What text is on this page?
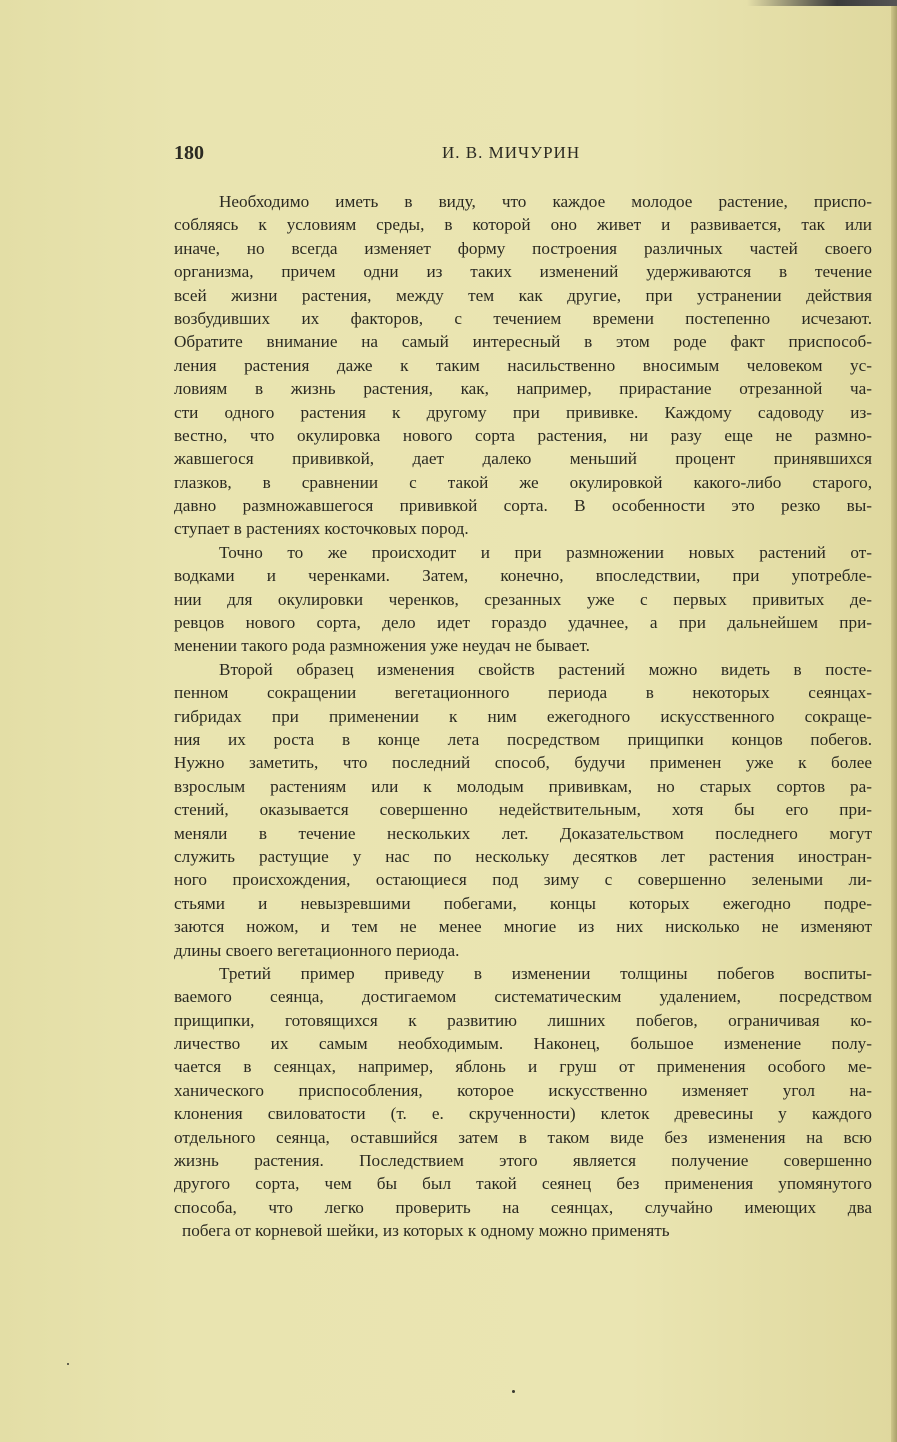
180	И. В. МИЧУРИН
Необходимо иметь в виду, что каждое молодое растение, приспо-
собляясь к условиям среды, в которой оно живет и развивается, так или
иначе, но всегда изменяет форму построения различных частей своего
организма, причем одни из таких изменений удерживаются в течение
всей жизни растения, между тем как другие, при устранении действия
возбудивших их факторов, с течением времени постепенно исчезают.
Обратите внимание на самый интересный в этом роде факт приспособ-
ления растения даже к таким насильственно вносимым человеком ус-
ловиям в жизнь растения, как, например, прирастание отрезанной ча-
сти одного растения к другому при прививке. Каждому садоводу из-
вестно, что окулировка нового сорта растения, ни разу еще не размно-
жавшегося прививкой, дает далеко меньший процент принявшихся
глазков, в сравнении с такой же окулировкой какого-либо старого,
давно размножавшегося прививкой сорта. В особенности это резко вы-
ступает в растениях косточковых пород.
Точно то же происходит и при размножении новых растений от-
водками и черенками. Затем, конечно, впоследствии, при употребле-
нии для окулировки черенков, срезанных уже с первых привитых де-
ревцов нового сорта, дело идет гораздо удачнее, а при дальнейшем при-
менении такого рода размножения уже неудач не бывает.
Второй образец изменения свойств растений можно видеть в посте-
пенном сокращении вегетационного периода в некоторых сеянцах-
гибридах при применении к ним ежегодного искусственного сокраще-
ния их роста в конце лета посредством прищипки концов побегов.
Нужно заметить, что последний способ, будучи применен уже к более
взрослым растениям или к молодым прививкам, но старых сортов ра-
стений, оказывается совершенно недействительным, хотя бы его при-
меняли в течение нескольких лет. Доказательством последнего могут
служить растущие у нас по нескольку десятков лет растения иностран-
ного происхождения, остающиеся под зиму с совершенно зелеными ли-
стьями и невызревшими побегами, концы которых ежегодно подре-
заются ножом, и тем не менее многие из них нисколько не изменяют
длины своего вегетационного периода.
Третий пример приведу в изменении толщины побегов воспиты-
ваемого сеянца, достигаемом систематическим удалением, посредством
прищипки, готовящихся к развитию лишних побегов, ограничивая ко-
личество их самым необходимым. Наконец, большое изменение полу-
чается в сеянцах, например, яблонь и груш от применения особого ме-
ханического приспособления, которое искусственно изменяет угол на-
клонения свиловатости (т. е. скрученности) клеток древесины у каждого
отдельного сеянца, оставшийся затем в таком виде без изменения на всю
жизнь растения. Последствием этого является получение совершенно
другого сорта, чем бы был такой сеянец без применения упомянутого
способа, что легко проверить на сеянцах, случайно имеющих два
побега от корневой шейки, из которых к одному можно применять
